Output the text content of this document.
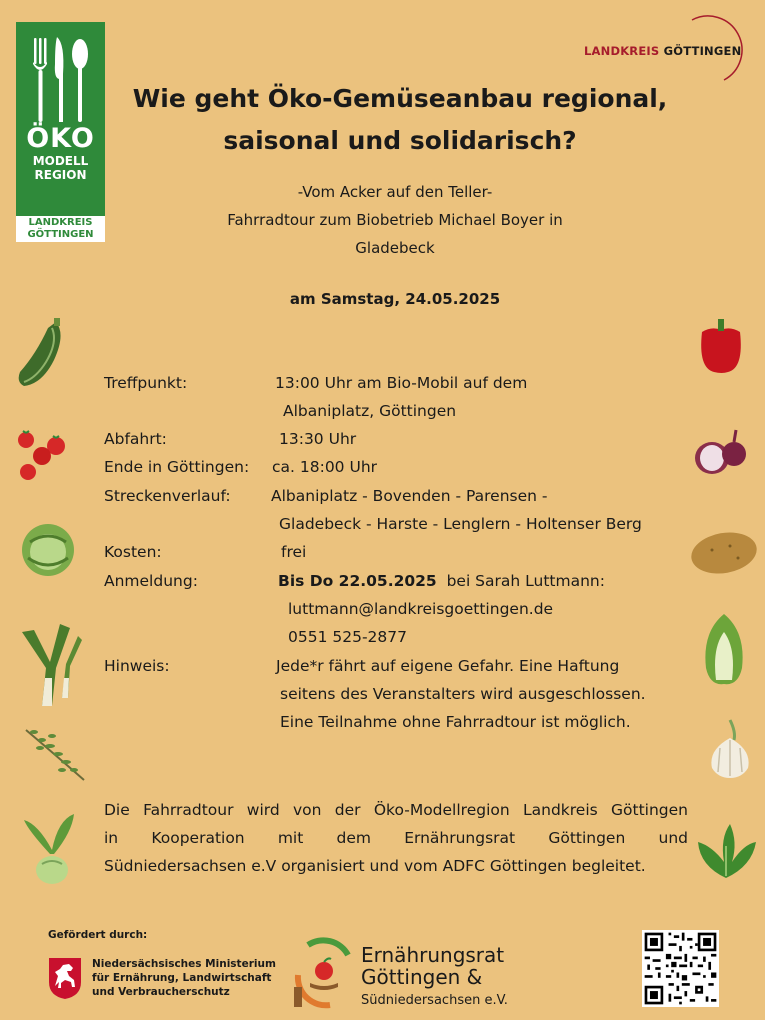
ÖKO
MODELL
REGION
LANDKREIS
GÖTTINGEN
LANDKREIS GÖTTINGEN
Wie geht Öko-Gemüseanbau regional,
saisonal und solidarisch?
-Vom Acker auf den Teller-
Fahrradtour zum Biobetrieb Michael Boyer in
Gladebeck
am Samstag, 24.05.2025
Treffpunkt:	13:00 Uhr am Bio-Mobil auf dem
Albaniplatz, Göttingen
Abfahrt:	13:30 Uhr
Ende in Göttingen: ca. 18:00 Uhr
Streckenverlauf:	Albaniplatz - Bovenden - Parensen -
Gladebeck - Harste - Lenglern - Holtenser Berg
Kosten:	frei
Anmeldung:	Bis Do 22.05.2025 bei Sarah Luttmann:
luttmann@landkreisgoettingen.de
0551 525-2877
Hinweis:	Jede*r fährt auf eigene Gefahr. Eine Haftung
seitens des Veranstalters wird ausgeschlossen.
Eine Teilnahme ohne Fahrradtour ist möglich.
Die Fahrradtour wird von der Öko-Modellregion Landkreis Göttingen
in Kooperation mit dem Ernährungsrat Göttingen und
Südniedersachsen e.V organisiert und vom ADFC Göttingen begleitet.
Gefördert durch:
Niedersächsisches Ministerium
für Ernährung, Landwirtschaft
und Verbraucherschutz
Ernährungsrat
Göttingen &
Südniedersachsen e.V.
